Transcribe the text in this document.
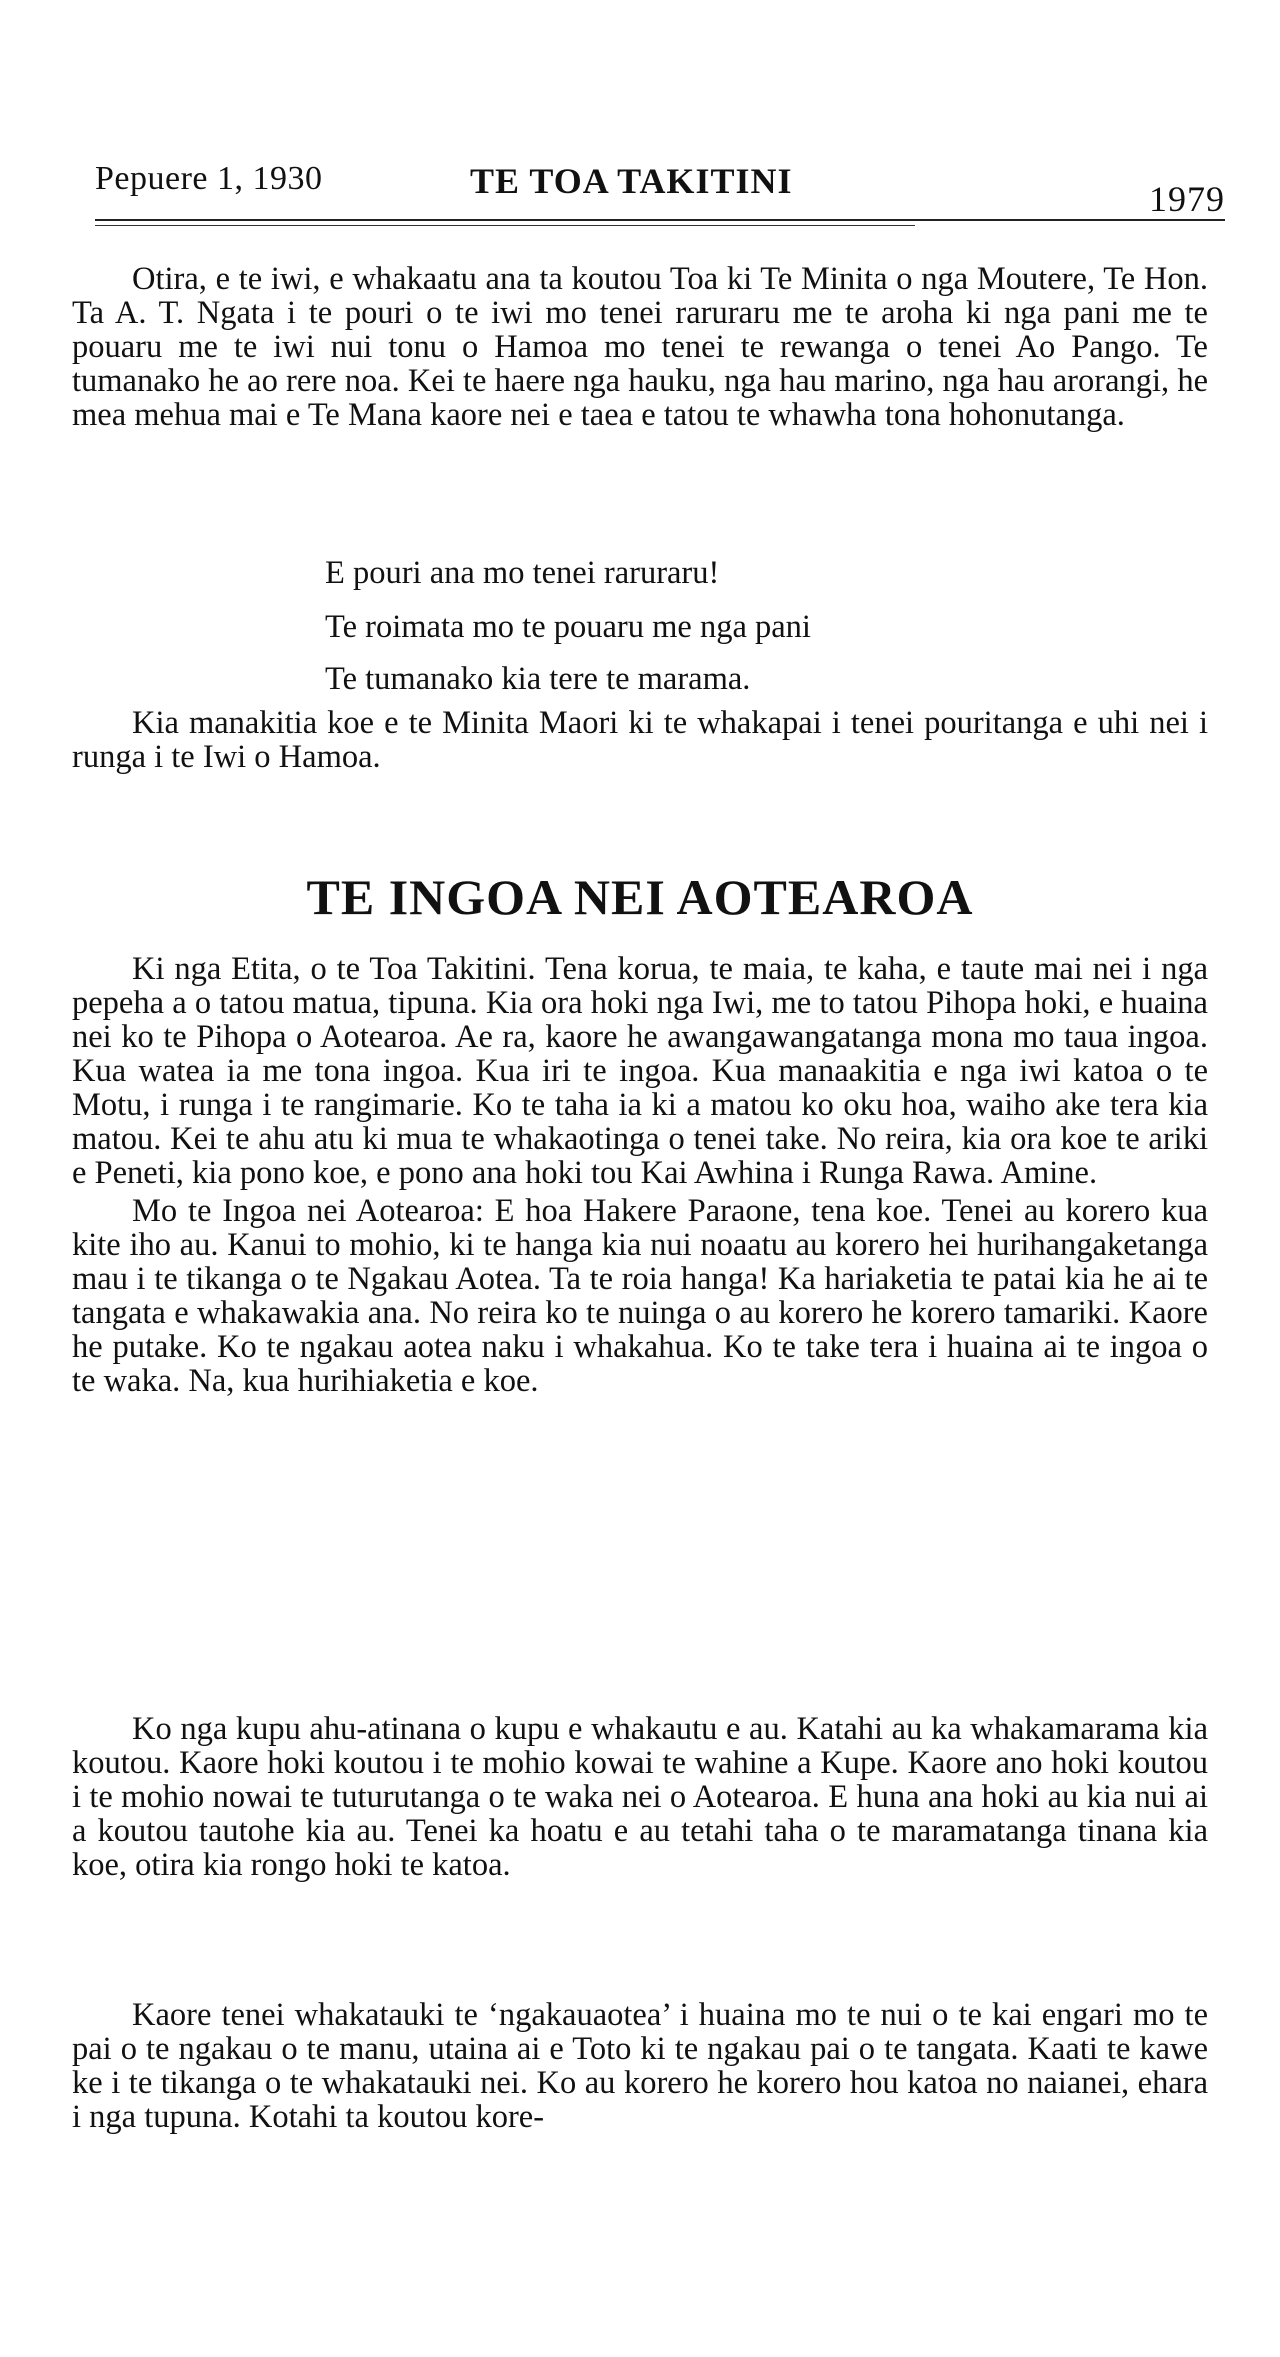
Pepuere 1, 1930	TE TOA TAKITINI	1979

Otira, e te iwi, e whakaatu ana ta koutou Toa ki Te Minita o nga Moutere, Te Hon. Ta A. T. Ngata i te pouri o te iwi mo tenei raruraru me te aroha ki nga pani me te pouaru me te iwi nui tonu o Hamoa mo tenei te rewanga o tenei Ao Pango. Te tumanako he ao rere noa. Kei te haere nga hauku, nga hau marino, nga hau arorangi, he mea mehua mai e Te Mana kaore nei e taea e tatou te whawha tona hohonutanga.

E pouri ana mo tenei raruraru!

Te roimata mo te pouaru me nga pani

Te tumanako kia tere te marama.

Kia manakitia koe e te Minita Maori ki te whakapai i tenei pouritanga e uhi nei i runga i te Iwi o Hamoa.

TE INGOA NEI AOTEAROA

Ki nga Etita, o te Toa Takitini. Tena korua, te maia, te kaha, e taute mai nei i nga pepeha a o tatou matua, tipuna. Kia ora hoki nga Iwi, me to tatou Pihopa hoki, e huaina nei ko te Pihopa o Aotearoa. Ae ra, kaore he awangawangatanga mona mo taua ingoa. Kua watea ia me tona ingoa. Kua iri te ingoa. Kua manaakitia e nga iwi katoa o te Motu, i runga i te rangimarie. Ko te taha ia ki a matou ko oku hoa, waiho ake tera kia matou. Kei te ahu atu ki mua te whakaotinga o tenei take. No reira, kia ora koe te ariki e Peneti, kia pono koe, e pono ana hoki tou Kai Awhina i Runga Rawa. Amine.

Mo te Ingoa nei Aotearoa: E hoa Hakere Paraone, tena koe. Tenei au korero kua kite iho au. Kanui to mohio, ki te hanga kia nui noaatu au korero hei hurihangaketanga mau i te tikanga o te Ngakau Aotea. Ta te roia hanga! Ka hariaketia te patai kia he ai te tangata e whakawakia ana. No reira ko te nuinga o au korero he korero tamariki. Kaore he putake. Ko te ngakau aotea naku i whakahua. Ko te take tera i huaina ai te ingoa o te waka. Na, kua hurihiaketia e koe.

Ko nga kupu ahu-atinana o kupu e whakautu e au. Katahi au ka whakamarama kia koutou. Kaore hoki koutou i te mohio kowai te wahine a Kupe. Kaore ano hoki koutou i te mohio nowai te tuturutanga o te waka nei o Aotearoa. E huna ana hoki au kia nui ai a koutou tautohe kia au. Tenei ka hoatu e au tetahi taha o te maramatanga tinana kia koe, otira kia rongo hoki te katoa.

Kaore tenei whakatauki te ‘ngakauaotea’ i huaina mo te nui o te kai engari mo te pai o te ngakau o te manu, utaina ai e Toto ki te ngakau pai o te tangata. Kaati te kawe ke i te tikanga o te whakatauki nei. Ko au korero he korero hou katoa no naianei, ehara i nga tupuna. Kotahi ta koutou kore-
